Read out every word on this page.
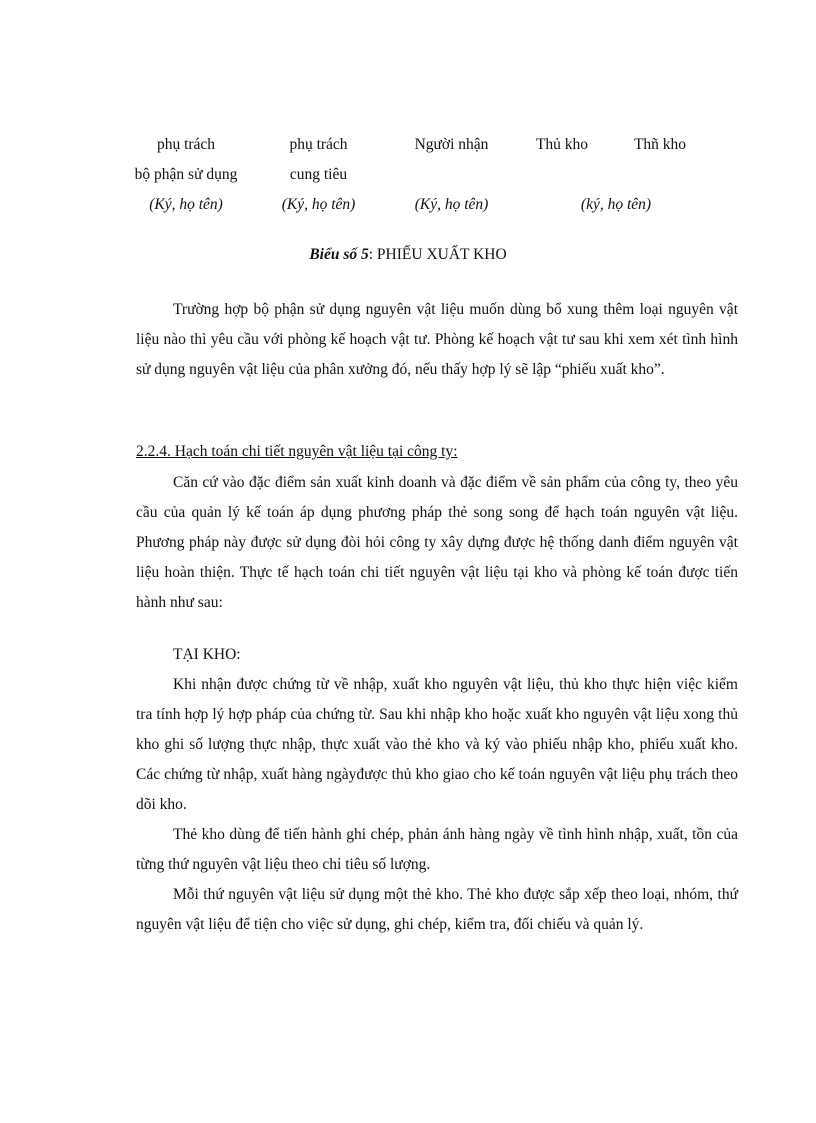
phụ trách	phụ trách	Người nhận	Thủ kho	Thñ kho
bộ phận sử dụng	cung tiêu			
(Ký, họ tên)	(Ký, họ tên)	(Ký, họ tên)	(ký, họ tên)	
Biểu số 5: PHIẾU XUẤT KHO

Trường hợp bộ phận sử dụng nguyên vật liệu muốn dùng bổ xung thêm loại nguyên vật liệu nào thì yêu cầu với phòng kế hoạch vật tư. Phòng kế hoạch vật tư sau khi xem xét tình hình sử dụng nguyên vật liệu của phân xưởng đó, nếu thấy hợp lý sẽ lập “phiếu xuất kho”.

2.2.4. Hạch toán chi tiết nguyên vật liệu tại công ty:

Căn cứ vào đặc điểm sản xuất kinh doanh và đặc điểm về sản phẩm của công ty, theo yêu cầu của quản lý kế toán áp dụng phương pháp thẻ song song để hạch toán nguyên vật liệu. Phương pháp này được sử dụng đòi hỏi công ty xây dựng được hệ thống danh điểm nguyên vật liệu hoàn thiện. Thực tế hạch toán chi tiết nguyên vật liệu tại kho và phòng kế toán được tiến hành như sau:

TẠI KHO:

Khi nhận được chứng từ về nhập, xuất kho nguyên vật liệu, thủ kho thực hiện việc kiểm tra tính hợp lý hợp pháp của chứng từ. Sau khi nhập kho hoặc xuất kho nguyên vật liệu xong thủ kho ghi số lượng thực nhập, thực xuất vào thẻ kho và ký vào phiếu nhập kho, phiếu xuất kho. Các chứng từ nhập, xuất hàng ngàyđược thủ kho giao cho kế toán nguyên vật liệu phụ trách theo dõi kho.

Thẻ kho dùng để tiến hành ghi chép, phản ánh hàng ngày về tình hình nhập, xuất, tồn của từng thứ nguyên vật liệu theo chỉ tiêu số lượng.

Mỗi thứ nguyên vật liệu sử dụng một thẻ kho. Thẻ kho được sắp xếp theo loại, nhóm, thứ nguyên vật liệu để tiện cho việc sử dụng, ghi chép, kiểm tra, đối chiếu và quản lý.
